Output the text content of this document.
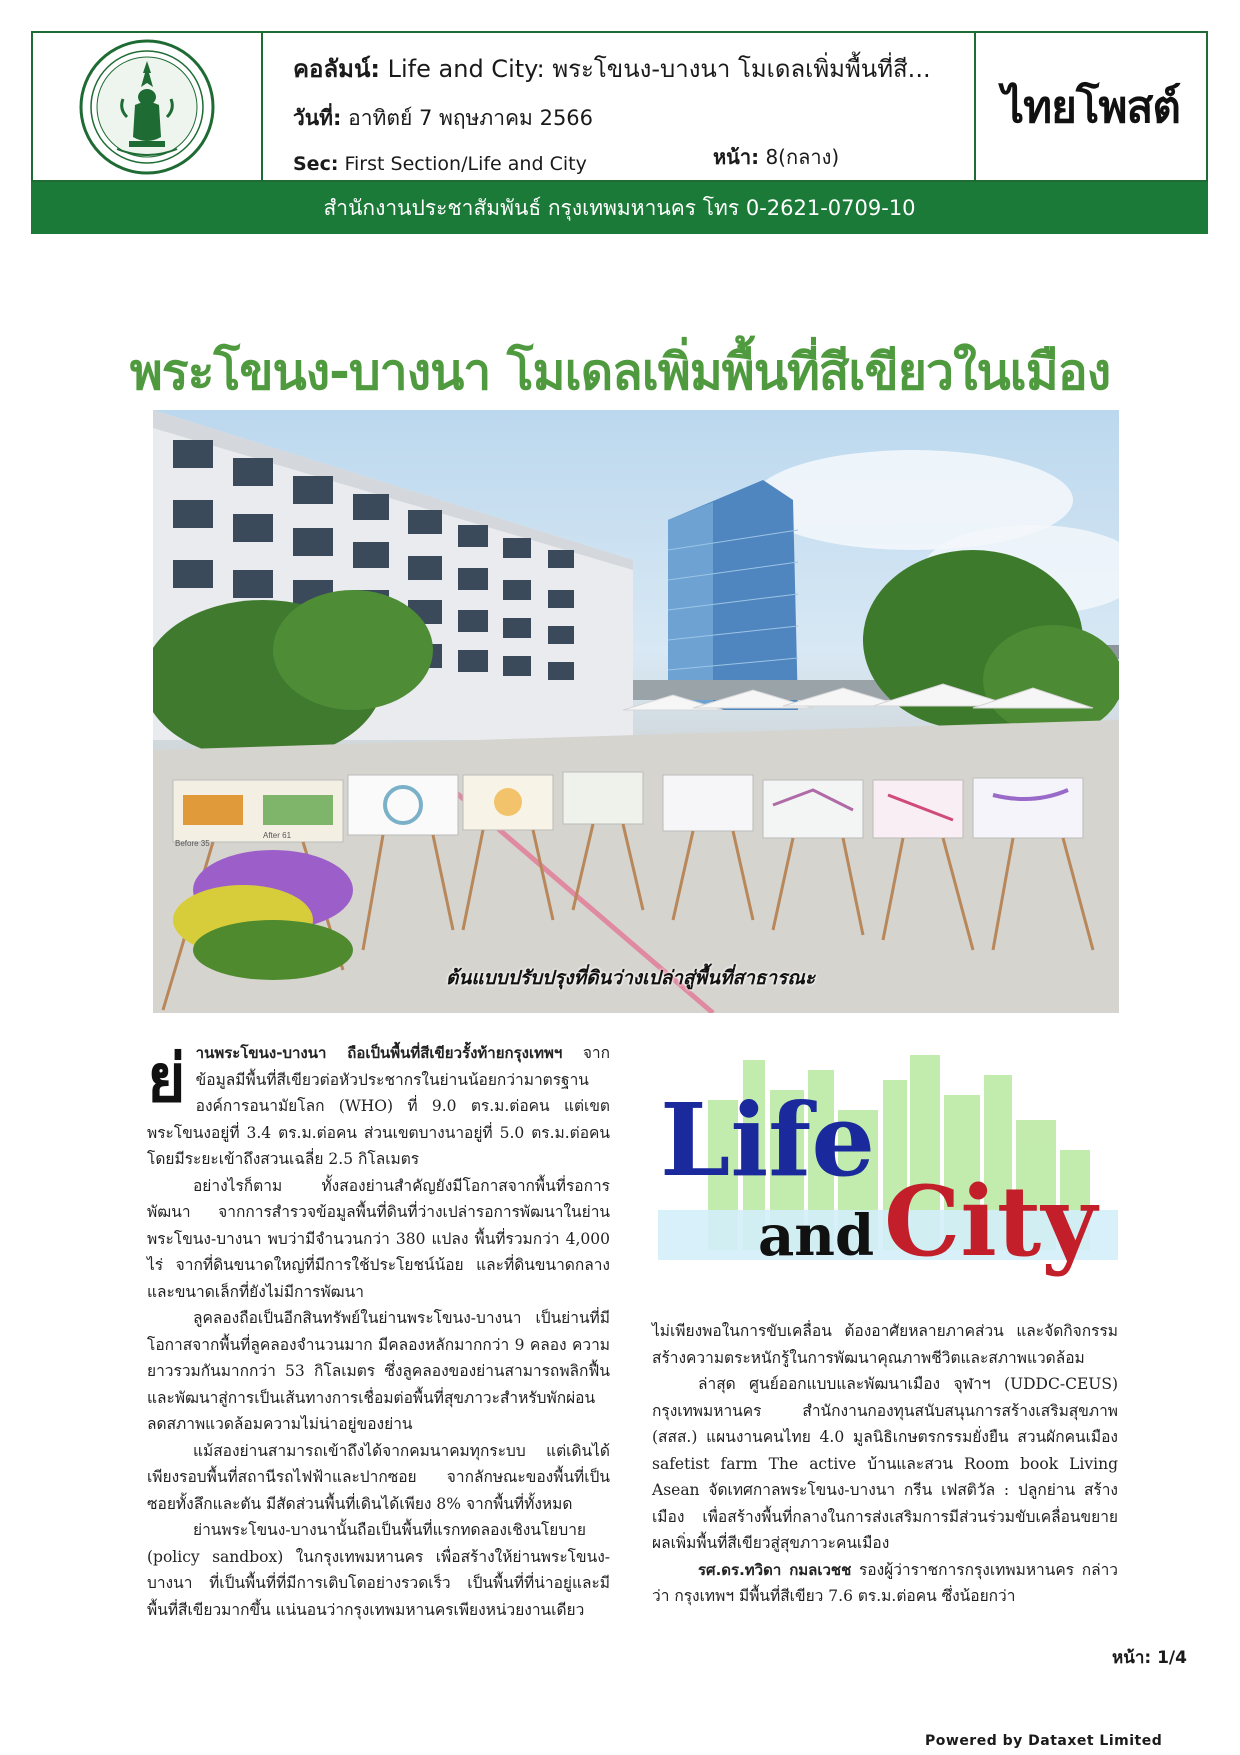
คอลัมน์: Life and City: พระโขนง-บางนา โมเดลเพิ่มพื้นที่สี...
วันที่: อาทิตย์ 7 พฤษภาคม 2566
Sec: First Section/Life and City	หน้า: 8(กลาง)
ไทยโพสต์
สำนักงานประชาสัมพันธ์ กรุงเทพมหานคร โทร 0-2621-0709-10
พระโขนง-บางนา โมเดลเพิ่มพื้นที่สีเขียวในเมือง
Before 35
After 61
ต้นแบบปรับปรุงที่ดินว่างเปล่าสู่พื้นที่สาธารณะ
ย่ านพระโขนง-บางนา ถือเป็นพื้นที่สีเขียวรั้งท้ายกรุงเทพฯ จากข้อมูลมีพื้นที่สีเขียวต่อหัวประชากรในย่านน้อยกว่ามาตรฐานองค์การอนามัยโลก (WHO) ที่ 9.0 ตร.ม.ต่อคน แต่เขตพระโขนงอยู่ที่ 3.4 ตร.ม.ต่อคน ส่วนเขตบางนาอยู่ที่ 5.0 ตร.ม.ต่อคน โดยมีระยะเข้าถึงสวนเฉลี่ย 2.5 กิโลเมตร

อย่างไรก็ตาม ทั้งสองย่านสำคัญยังมีโอกาสจากพื้นที่รอการพัฒนา จากการสำรวจข้อมูลพื้นที่ดินที่ว่างเปล่ารอการพัฒนาในย่านพระโขนง-บางนา พบว่ามีจำนวนกว่า 380 แปลง พื้นที่รวมกว่า 4,000 ไร่ จากที่ดินขนาดใหญ่ที่มีการใช้ประโยชน์น้อย และที่ดินขนาดกลางและขนาดเล็กที่ยังไม่มีการพัฒนา

ลูคลองถือเป็นอีกสินทรัพย์ในย่านพระโขนง-บางนา เป็นย่านที่มีโอกาสจากพื้นที่ลูคลองจำนวนมาก มีคลองหลักมากกว่า 9 คลอง ความยาวรวมกันมากกว่า 53 กิโลเมตร ซึ่งลูคลองของย่านสามารถพลิกฟื้นและพัฒนาสู่การเป็นเส้นทางการเชื่อมต่อพื้นที่สุขภาวะสำหรับพักผ่อน ลดสภาพแวดล้อมความไม่น่าอยู่ของย่าน

แม้สองย่านสามารถเข้าถึงได้จากคมนาคมทุกระบบ แต่เดินได้เพียงรอบพื้นที่สถานีรถไฟฟ้าและปากซอย จากลักษณะของพื้นที่เป็นซอยทั้งลึกและตัน มีสัดส่วนพื้นที่เดินได้เพียง 8% จากพื้นที่ทั้งหมด

ย่านพระโขนง-บางนานั้นถือเป็นพื้นที่แรกทดลองเชิงนโยบาย (policy sandbox) ในกรุงเทพมหานคร เพื่อสร้างให้ย่านพระโขนง-บางนา ที่เป็นพื้นที่ที่มีการเติบโตอย่างรวดเร็ว เป็นพื้นที่ที่น่าอยู่และมีพื้นที่สีเขียวมากขึ้น แน่นอนว่ากรุงเทพมหานครเพียงหน่วยงานเดียว

Life
and City

ไม่เพียงพอในการขับเคลื่อน ต้องอาศัยหลายภาคส่วน และจัดกิจกรรมสร้างความตระหนักรู้ในการพัฒนาคุณภาพชีวิตและสภาพแวดล้อม

ล่าสุด ศูนย์ออกแบบและพัฒนาเมือง จุฬาฯ (UDDC-CEUS) กรุงเทพมหานคร สำนักงานกองทุนสนับสนุนการสร้างเสริมสุขภาพ (สสส.) แผนงานคนไทย 4.0 มูลนิธิเกษตรกรรมยั่งยืน สวนผักคนเมือง safetist farm The active บ้านและสวน Room book Living Asean จัดเทศกาลพระโขนง-บางนา กรีน เฟสติวัล : ปลูกย่าน สร้างเมือง เพื่อสร้างพื้นที่กลางในการส่งเสริมการมีส่วนร่วมขับเคลื่อนขยายผลเพิ่มพื้นที่สีเขียวสู่สุขภาวะคนเมือง

รศ.ดร.ทวิดา กมลเวชช รองผู้ว่าราชการกรุงเทพมหานคร กล่าวว่า กรุงเทพฯ มีพื้นที่สีเขียว 7.6 ตร.ม.ต่อคน ซึ่งน้อยกว่า

หน้า: 1/4
Powered by Dataxet Limited
